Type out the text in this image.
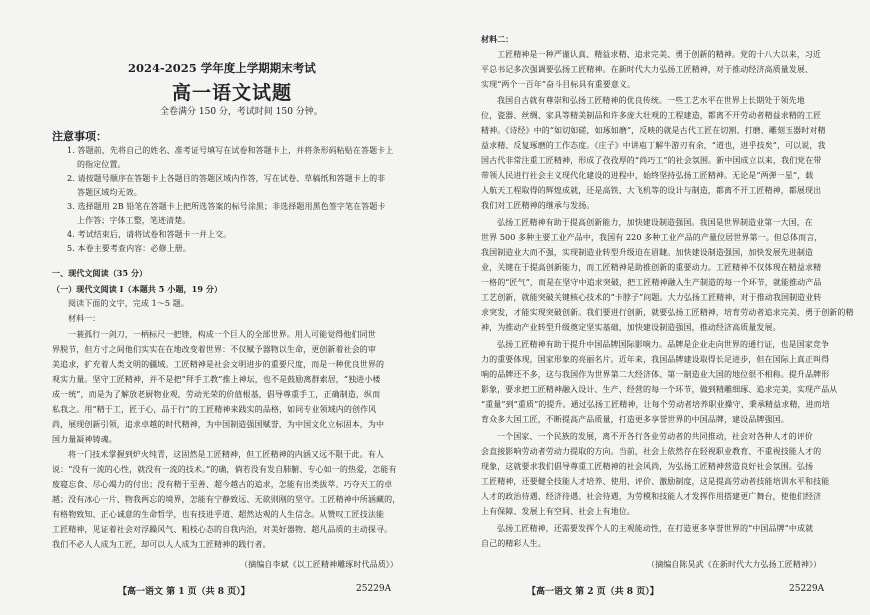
2024-2025 学年度上学期期末考试
高一语文试题
全卷满分 150 分，考试时间 150 分钟。
注意事项：
1. 答题前，先将自己的姓名、准考证号填写在试卷和答题卡上，并将条形码粘贴在答题卡上
的指定位置。
2. 请按题号顺序在答题卡上各题目的答题区域内作答，写在试卷、草稿纸和答题卡上的非
答题区域均无效。
3. 选择题用 2B 铅笔在答题卡上把所选答案的标号涂黑；非选择题用黑色签字笔在答题卡
上作答；字体工整，笔迹清楚。
4. 考试结束后，请将试卷和答题卡一并上交。
5. 本卷主要考查内容：必修上册。
一、现代文阅读（35 分）
（一）现代文阅读 I（本题共 5 小题，19 分）
阅读下面的文字，完成 1～5 题。
材料一：
一蓑孤行一剑刀，一柄标尺一把锉，构成一个巨人的全部世界。用人可能觉得他们同世
界脱节，但方寸之间他们实实在在地改变着世界：不仅赋予器物以生命，更创新着社会的审
美追求，扩充着人类文明的疆域。工匠精神是社会文明进步的重要尺度，而是一种优良世界的
观实力量。坚守工匠精神，并不是把“拜手工教”推上神坛，也不是鼓励离群索居，“独进小楼
成一统”，而是为了解放老厨物业观，劳动光荣的价值根基，倡导尊重手工，正确制造，纵而
私我之。用“精于工，匠于心，品于行”的工匠精神来践实的品格，如同专业领域内的创作风
尚，展现创新引领，追求卓越的时代精神，为中国制造强国赋誉，为中国文化立标固本，为中
国力量凝神铸魂。
将一门技术掌握到炉火纯青，这固然是工匠精神，但工匠精神的内涵又远不限于此。有人
说：“没有一流的心性，就没有一流的技术。”的确，倘若没有发自肺腑、专心如一的热爱，怎能有
废寝忘食、尽心竭力的付出；没有精于至善、超今越古的追求，怎能有出类拔萃、巧夺天工的卓
越；没有冰心一片、物我两忘的境界，怎能有宁静致远、无欲则刚的坚守。工匠精神中所涵藏的，
有格物致知、正心诚意的生命哲学，也有技进乎道、超然达观的人生信念。从赞叹工匠技法能
工匠精神，见证着社会对浮躁风气、粗枝心态的自我内治，对美好器物、超凡品质的主动探寻。
我们不必人人成为工匠，却可以人人成为工匠精神的践行者。
（摘编自李斌《以工匠精神雕琢时代品质》）
【高一语文 第 1 页（共 8 页）】	25229A
材料二：
工匠精神是一种严谨认真、精益求精、追求完美、勇于创新的精神。党的十八大以来，习近
平总书记多次强调要弘扬工匠精神。在新时代大力弘扬工匠精神，对于推动经济高质量发展、
实现“两个一百年”奋斗目标具有重要意义。
我国自古就有尊崇和弘扬工匠精神的优良传统。一些工艺水平在世界上长期处于领先地
位，瓷器、丝绸、家具等精美制品和许多庞大壮观的工程建造，都离不开劳动者精益求精的工匠
精神。《诗经》中的“如切如磋，如琢如磨”，反映的就是古代工匠在切割、打磨、雕刻玉器时对精
益求精、反复琢磨的工作态度。《庄子》中讲庖丁解牛游刃有余，“道也，进乎技矣”，可以说，我
国古代非常注重工匠精神，形成了孜孜厚的“尚巧工”的社会氛围。新中国成立以来，我们党在带
带领人民进行社会主义现代化建设的进程中，始终坚持弘扬工匠精神。无论是“两弹一星”，载
人航天工程取得的辉煌成就，还是高铁、大飞机等的设计与制造，都离不开工匠精神，都展现出
我们对工匠精神的继承与发扬。
弘扬工匠精神有助于提高创新能力，加快建设制造强国。我国是世界制造业第一大国，在
世界 500 多种主要工业产品中，我国有 220 多种工业产品的产量位居世界第一。但总体而言，
我国制造业大而不强，实现制造业转型升级迫在眉睫。加快建设制造强国，加快发展先进制造
业，关键在于提高创新能力，而工匠精神是助推创新的重要动力。工匠精神不仅体现在精益求精
一格的“匠气”，而是在坚守中追求突破，把工匠精神融入生产制造的每一个环节，就能推动产品
工艺创新，就能突破关键核心技术的“卡脖子”问题。大力弘扬工匠精神，对于推动我国制造业转
求突发，才能实现突破创新。我们要进行创新，就要弘扬工匠精神，培育劳动者追求完美、勇于创新的精
神，为推动产业转型升级奠定坚实基础，加快建设制造强国，推动经济高质量发展。
弘扬工匠精神有助于提升中国品牌国际影响力。品牌是企业走向世界的通行证，也是国家竞争
力的重要体现，国家形象的亮丽名片。近年来，我国品牌建设取得长足进步，但在国际上真正叫得
响的品牌还不多，这与我国作为世界第二大经济体、第一制造业大国的地位很不相称。提升品牌形
影象，要求把工匠精神融入设计、生产、经营的每一个环节，做到精雕细琢、追求完美，实现产品从
“重量”到“重质”的提升。通过弘扬工匠精神，让每个劳动者培养职业操守、秉承精益求精，进而培
育众多大国工匠，不断提高产品质量，打造更多享誉世界的中国品牌，建设品牌强国。
一个国家、一个民族的发展，离不开各行各业劳动者的共同推动，社会对各种人才的评价
会直接影响劳动者劳动力提取的方向。当前，社会上依然存在轻视职业教育、不重视技能人才的
现象，这就要求我们倡导尊重工匠精神的社会风尚，为弘扬工匠精神营造良好社会氛围。弘扬
工匠精神，还要健全技能人才培养、使用、评价、激励制度，这是提高劳动者技能培训水平和技能
人才的政治待遇、经济待遇、社会待遇，为劳模和技能人才发挥作用搭建更广舞台，使他们经济
上有保障、发展上有空间、社会上有地位。
弘扬工匠精神，还需要发挥个人的主观能动性，在打造更多享誉世界的“中国品牌”中成就
自己的精彩人生。
（摘编自陈昊武《在新时代大力弘扬工匠精神》）
【高一语文 第 2 页（共 8 页）】	25229A
